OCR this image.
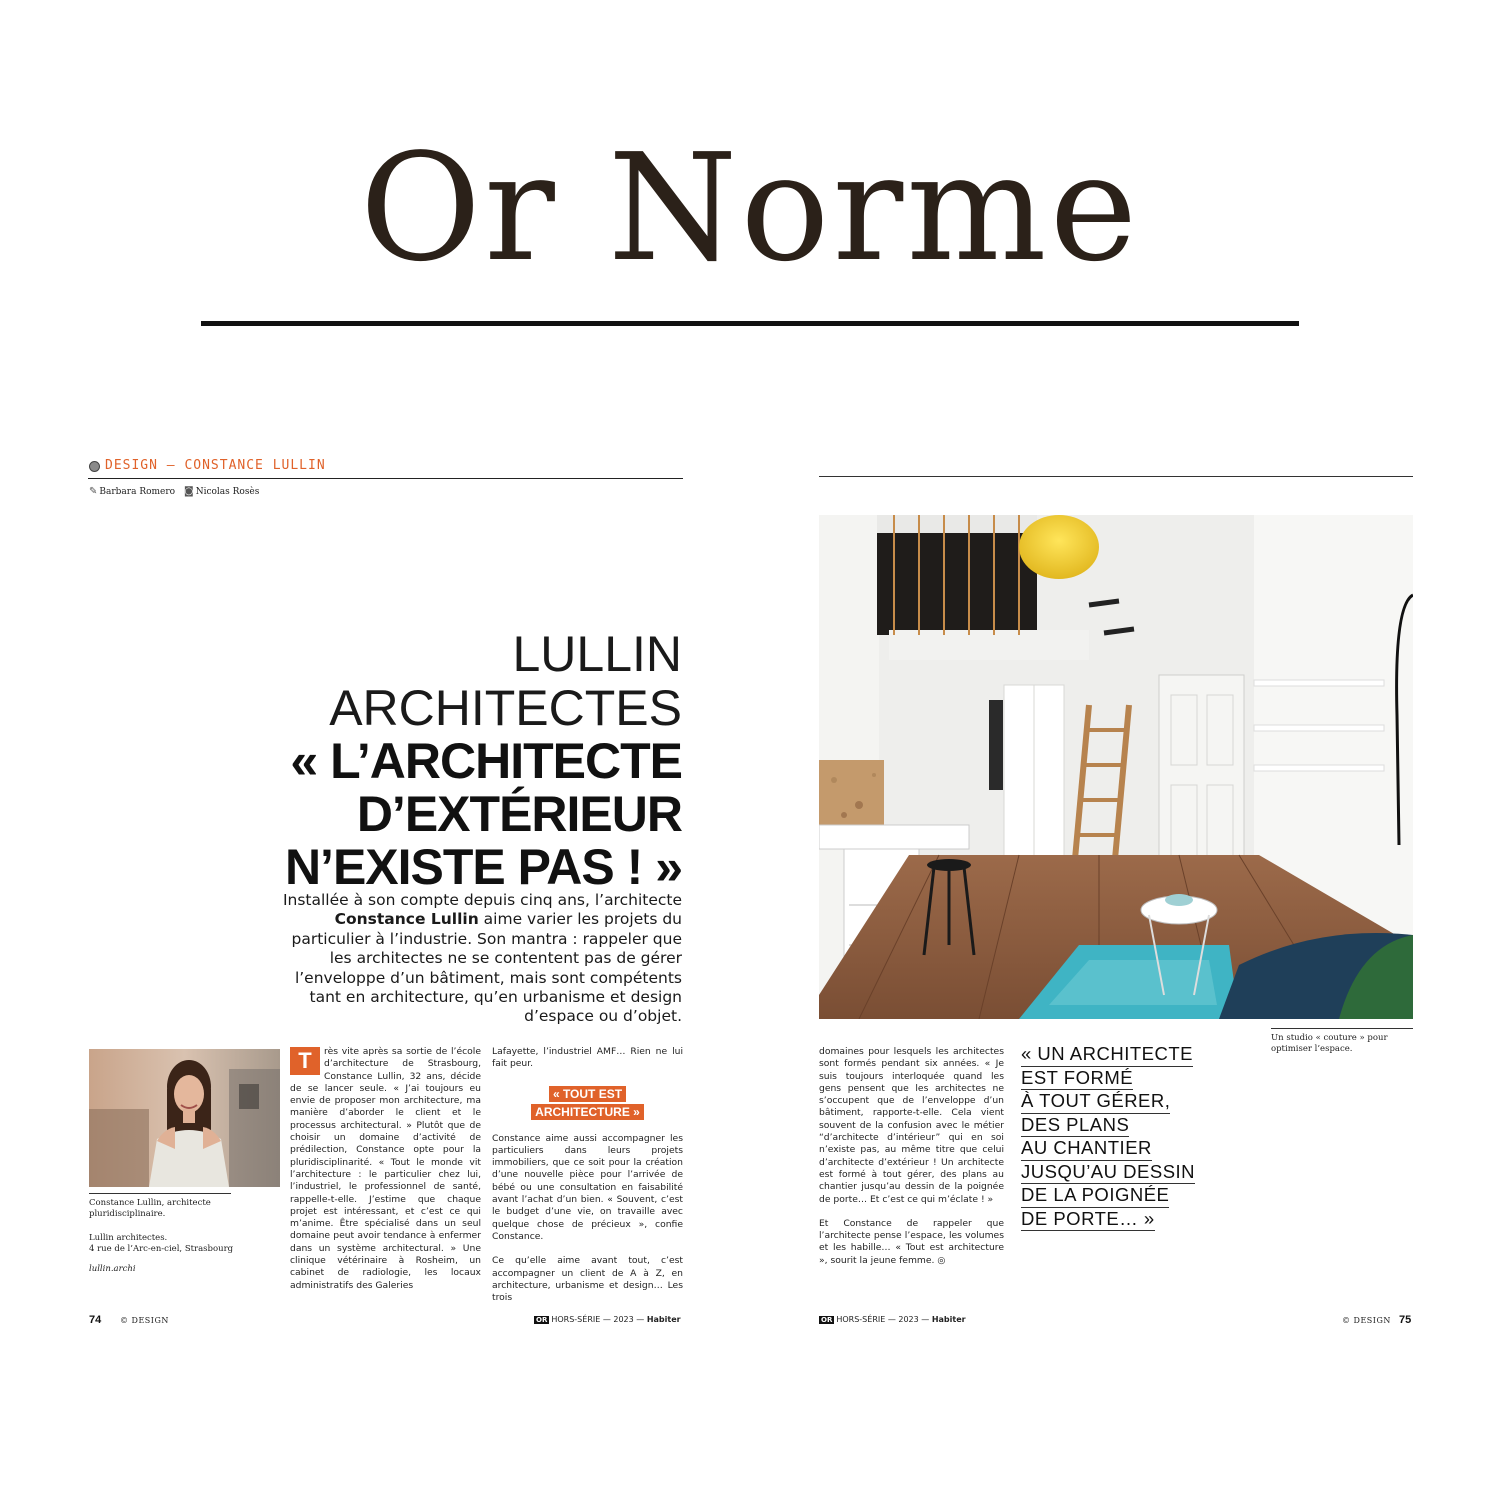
Or Norme
DESIGN – CONSTANCE LULLIN
✎ Barbara Romero ◙ Nicolas Rosès
LULLIN
ARCHITECTES
« L’ARCHITECTE
D’EXTÉRIEUR
N’EXISTE PAS ! »
Installée à son compte depuis cinq ans, l’architecte Constance Lullin aime varier les projets du particulier à l’industrie. Son mantra : rappeler que les architectes ne se contentent pas de gérer l’enveloppe d’un bâtiment, mais sont compétents tant en architecture, qu’en urbanisme et design d’espace ou d’objet.
Constance Lullin, architecte pluridisciplinaire.
Lullin architectes.
4 rue de l’Arc-en-ciel, Strasbourg
lullin.archi
T	rès vite après sa sortie de l’école d’architecture de Strasbourg, Constance Lullin, 32 ans, décide de se lancer seule. « J’ai toujours eu envie de proposer mon architecture, ma manière d’aborder le client et le processus architectural. » Plutôt que de choisir un domaine d’activité de prédilection, Constance opte pour la pluridisciplinarité. « Tout le monde vit l’architecture : le particulier chez lui, l’industriel, le professionnel de santé, rappelle-t-elle. J’estime que chaque projet est intéressant, et c’est ce qui m’anime. Être spécialisé dans un seul domaine peut avoir tendance à enfermer dans un système architectural. » Une clinique vétérinaire à Rosheim, un cabinet de radiologie, les locaux administratifs des Galeries

Lafayette, l’industriel AMF… Rien ne lui fait peur.

« TOUT EST
ARCHITECTURE »

Constance aime aussi accompagner les particuliers dans leurs projets immobiliers, que ce soit pour la création d’une nouvelle pièce pour l’arrivée de bébé ou une consultation en faisabilité avant l’achat d’un bien. « Souvent, c’est le budget d’une vie, on travaille avec quelque chose de précieux », confie Constance.

Ce qu’elle aime avant tout, c’est accompagner un client de A à Z, en architecture, urbanisme et design… Les trois

74 © DESIGN	OR HORS-SÉRIE — 2023 — Habiter
Un studio « couture » pour optimiser l’espace.

domaines pour lesquels les architectes sont formés pendant six années. « Je suis toujours interloquée quand les gens pensent que les architectes ne s’occupent que de l’enveloppe d’un bâtiment, rapporte-t-elle. Cela vient souvent de la confusion avec le métier “d’architecte d’intérieur” qui en soi n’existe pas, au même titre que celui d’architecte d’extérieur ! Un architecte est formé à tout gérer, des plans au chantier jusqu’au dessin de la poignée de porte… Et c’est ce qui m’éclate ! »

Et Constance de rappeler que l’architecte pense l’espace, les volumes et les habille… « Tout est architecture », sourit la jeune femme. ◎

« UN ARCHITECTE
EST FORMÉ
À TOUT GÉRER,
DES PLANS
AU CHANTIER
JUSQU’AU DESSIN
DE LA POIGNÉE
DE PORTE… »
OR HORS-SÉRIE — 2023 — Habiter	© DESIGN 75
